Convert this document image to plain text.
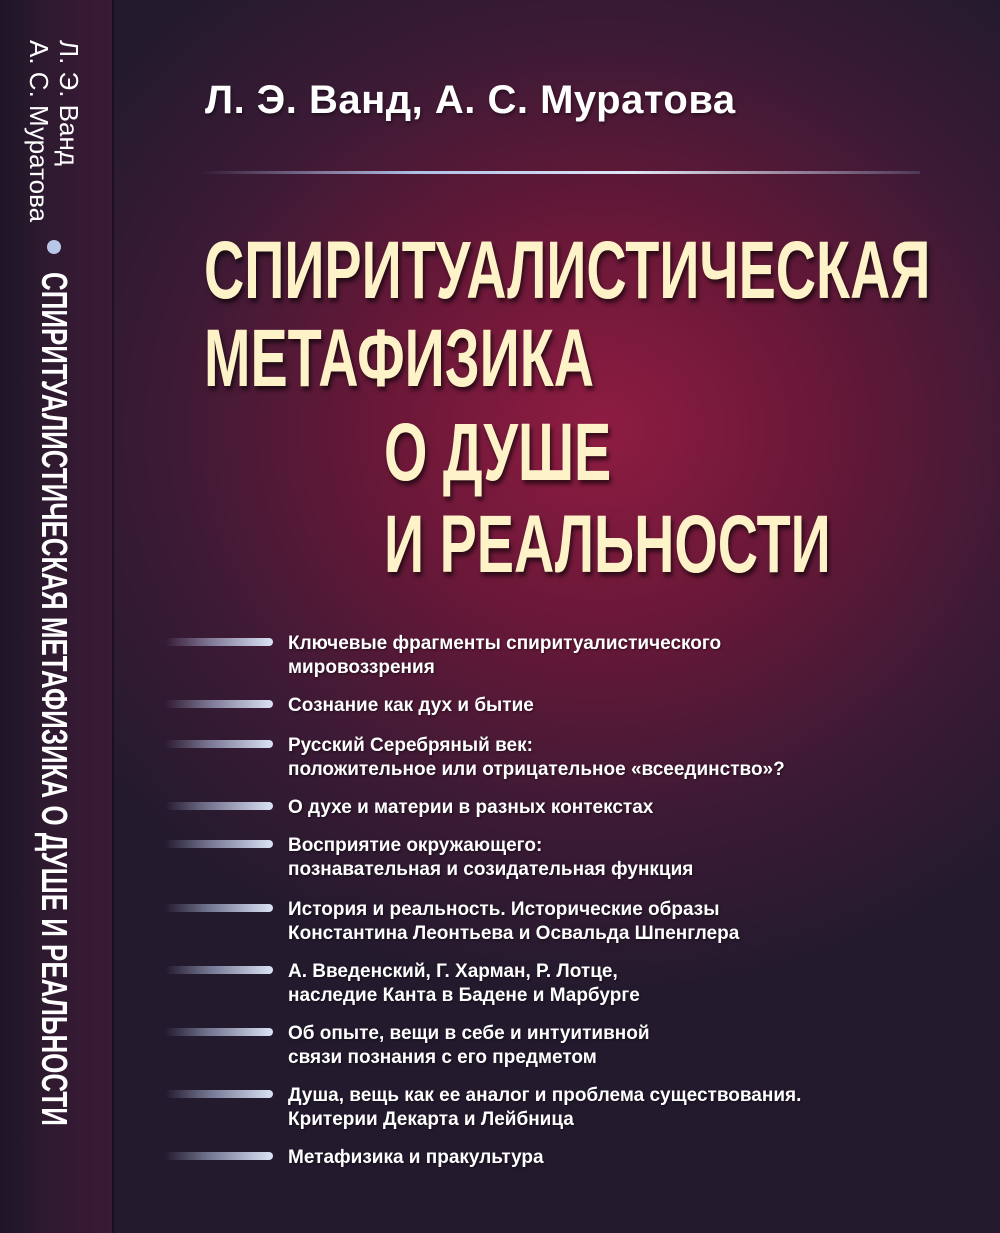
Л. Э. Ванд
А. С. Муратова
СПИРИТУАЛИСТИЧЕСКАЯ МЕТАФИЗИКА О ДУШЕ И РЕАЛЬНОСТИ
Л. Э. Ванд, А. С. Муратова
СПИРИТУАЛИСТИЧЕСКАЯ
МЕТАФИЗИКА
О ДУШЕ
И РЕАЛЬНОСТИ
Ключевые фрагменты спиритуалистического
мировоззрения
Сознание как дух и бытие
Русский Серебряный век:
положительное или отрицательное «всеединство»?
О духе и материи в разных контекстах
Восприятие окружающего:
познавательная и созидательная функция
История и реальность. Исторические образы
Константина Леонтьева и Освальда Шпенглера
А. Введенский, Г. Харман, Р. Лотце,
наследие Канта в Бадене и Марбурге
Об опыте, вещи в себе и интуитивной
связи познания с его предметом
Душа, вещь как ее аналог и проблема существования.
Критерии Декарта и Лейбница
Метафизика и пракультура
